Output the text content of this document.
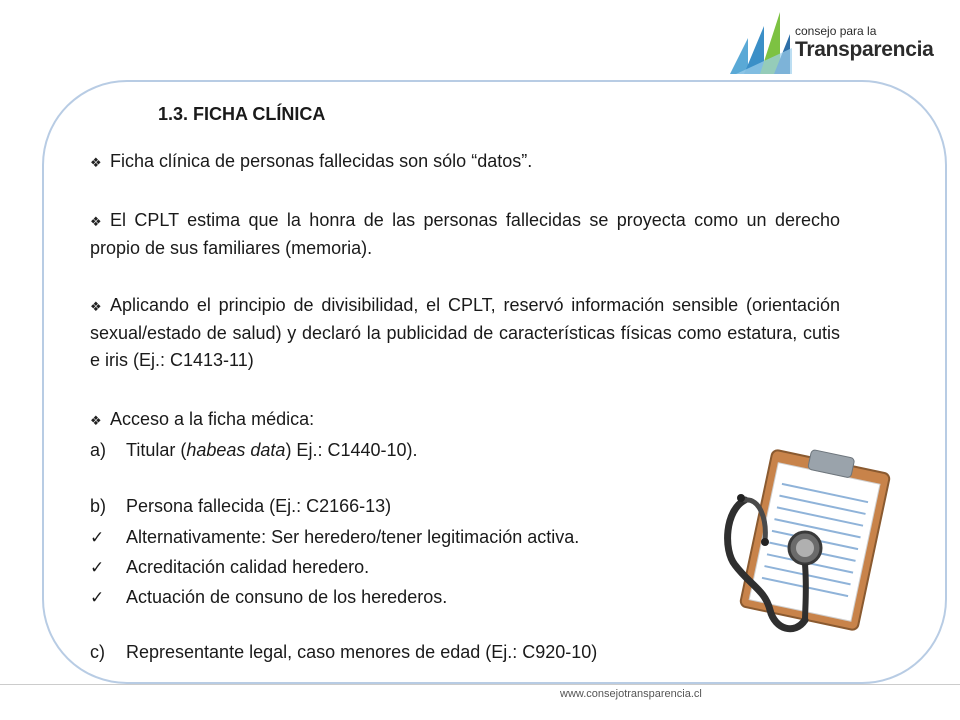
consejo para la
Transparencia
1.3. FICHA CLÍNICA
❖ Ficha clínica de personas fallecidas son sólo “datos”.
❖ El CPLT estima que la honra de las personas fallecidas se proyecta como un derecho propio de sus familiares (memoria).
❖ Aplicando el principio de divisibilidad, el CPLT, reservó información sensible (orientación sexual/estado de salud) y declaró la publicidad de características físicas como estatura, cutis e iris (Ej.: C1413-11)
❖ Acceso a la ficha médica:
a) Titular (habeas data) Ej.: C1440-10).
b) Persona fallecida (Ej.: C2166-13)
✓ Alternativamente: Ser heredero/tener legitimación activa.
✓ Acreditación calidad heredero.
✓ Actuación de consuno de los herederos.
c) Representante legal, caso menores de edad (Ej.: C920-10)
www.consejotransparencia.cl
